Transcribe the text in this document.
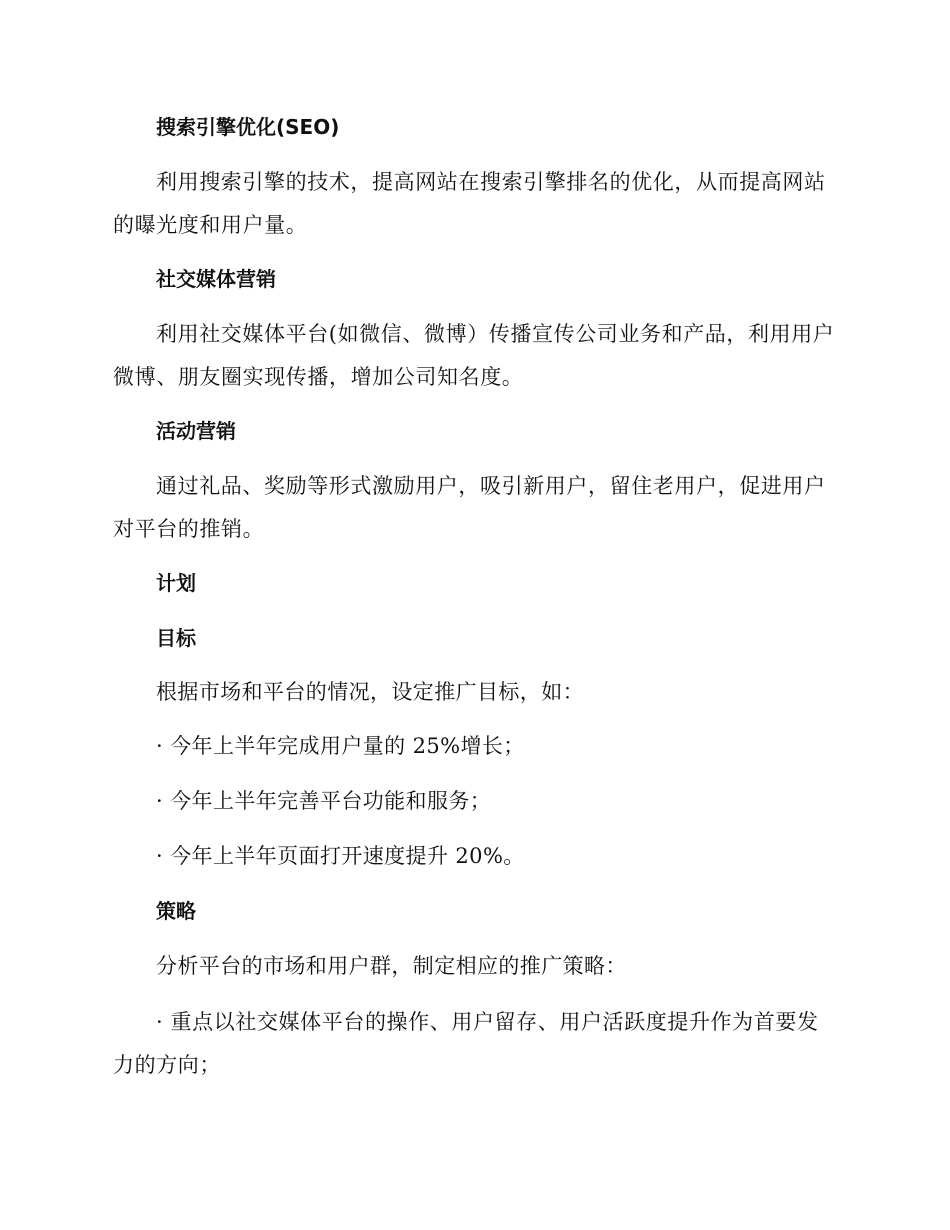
搜索引擎优化(SEO)

利用搜索引擎的技术，提高网站在搜索引擎排名的优化，从而提高网站的曝光度和用户量。

社交媒体营销

利用社交媒体平台(如微信、微博）传播宣传公司业务和产品，利用用户微博、朋友圈实现传播，增加公司知名度。

活动营销

通过礼品、奖励等形式激励用户，吸引新用户，留住老用户，促进用户对平台的推销。

计划
目标

根据市场和平台的情况，设定推广目标，如：

· 今年上半年完成用户量的 25%增长；

· 今年上半年完善平台功能和服务；

· 今年上半年页面打开速度提升 20%。

策略

分析平台的市场和用户群，制定相应的推广策略：

· 重点以社交媒体平台的操作、用户留存、用户活跃度提升作为首要发力的方向；
